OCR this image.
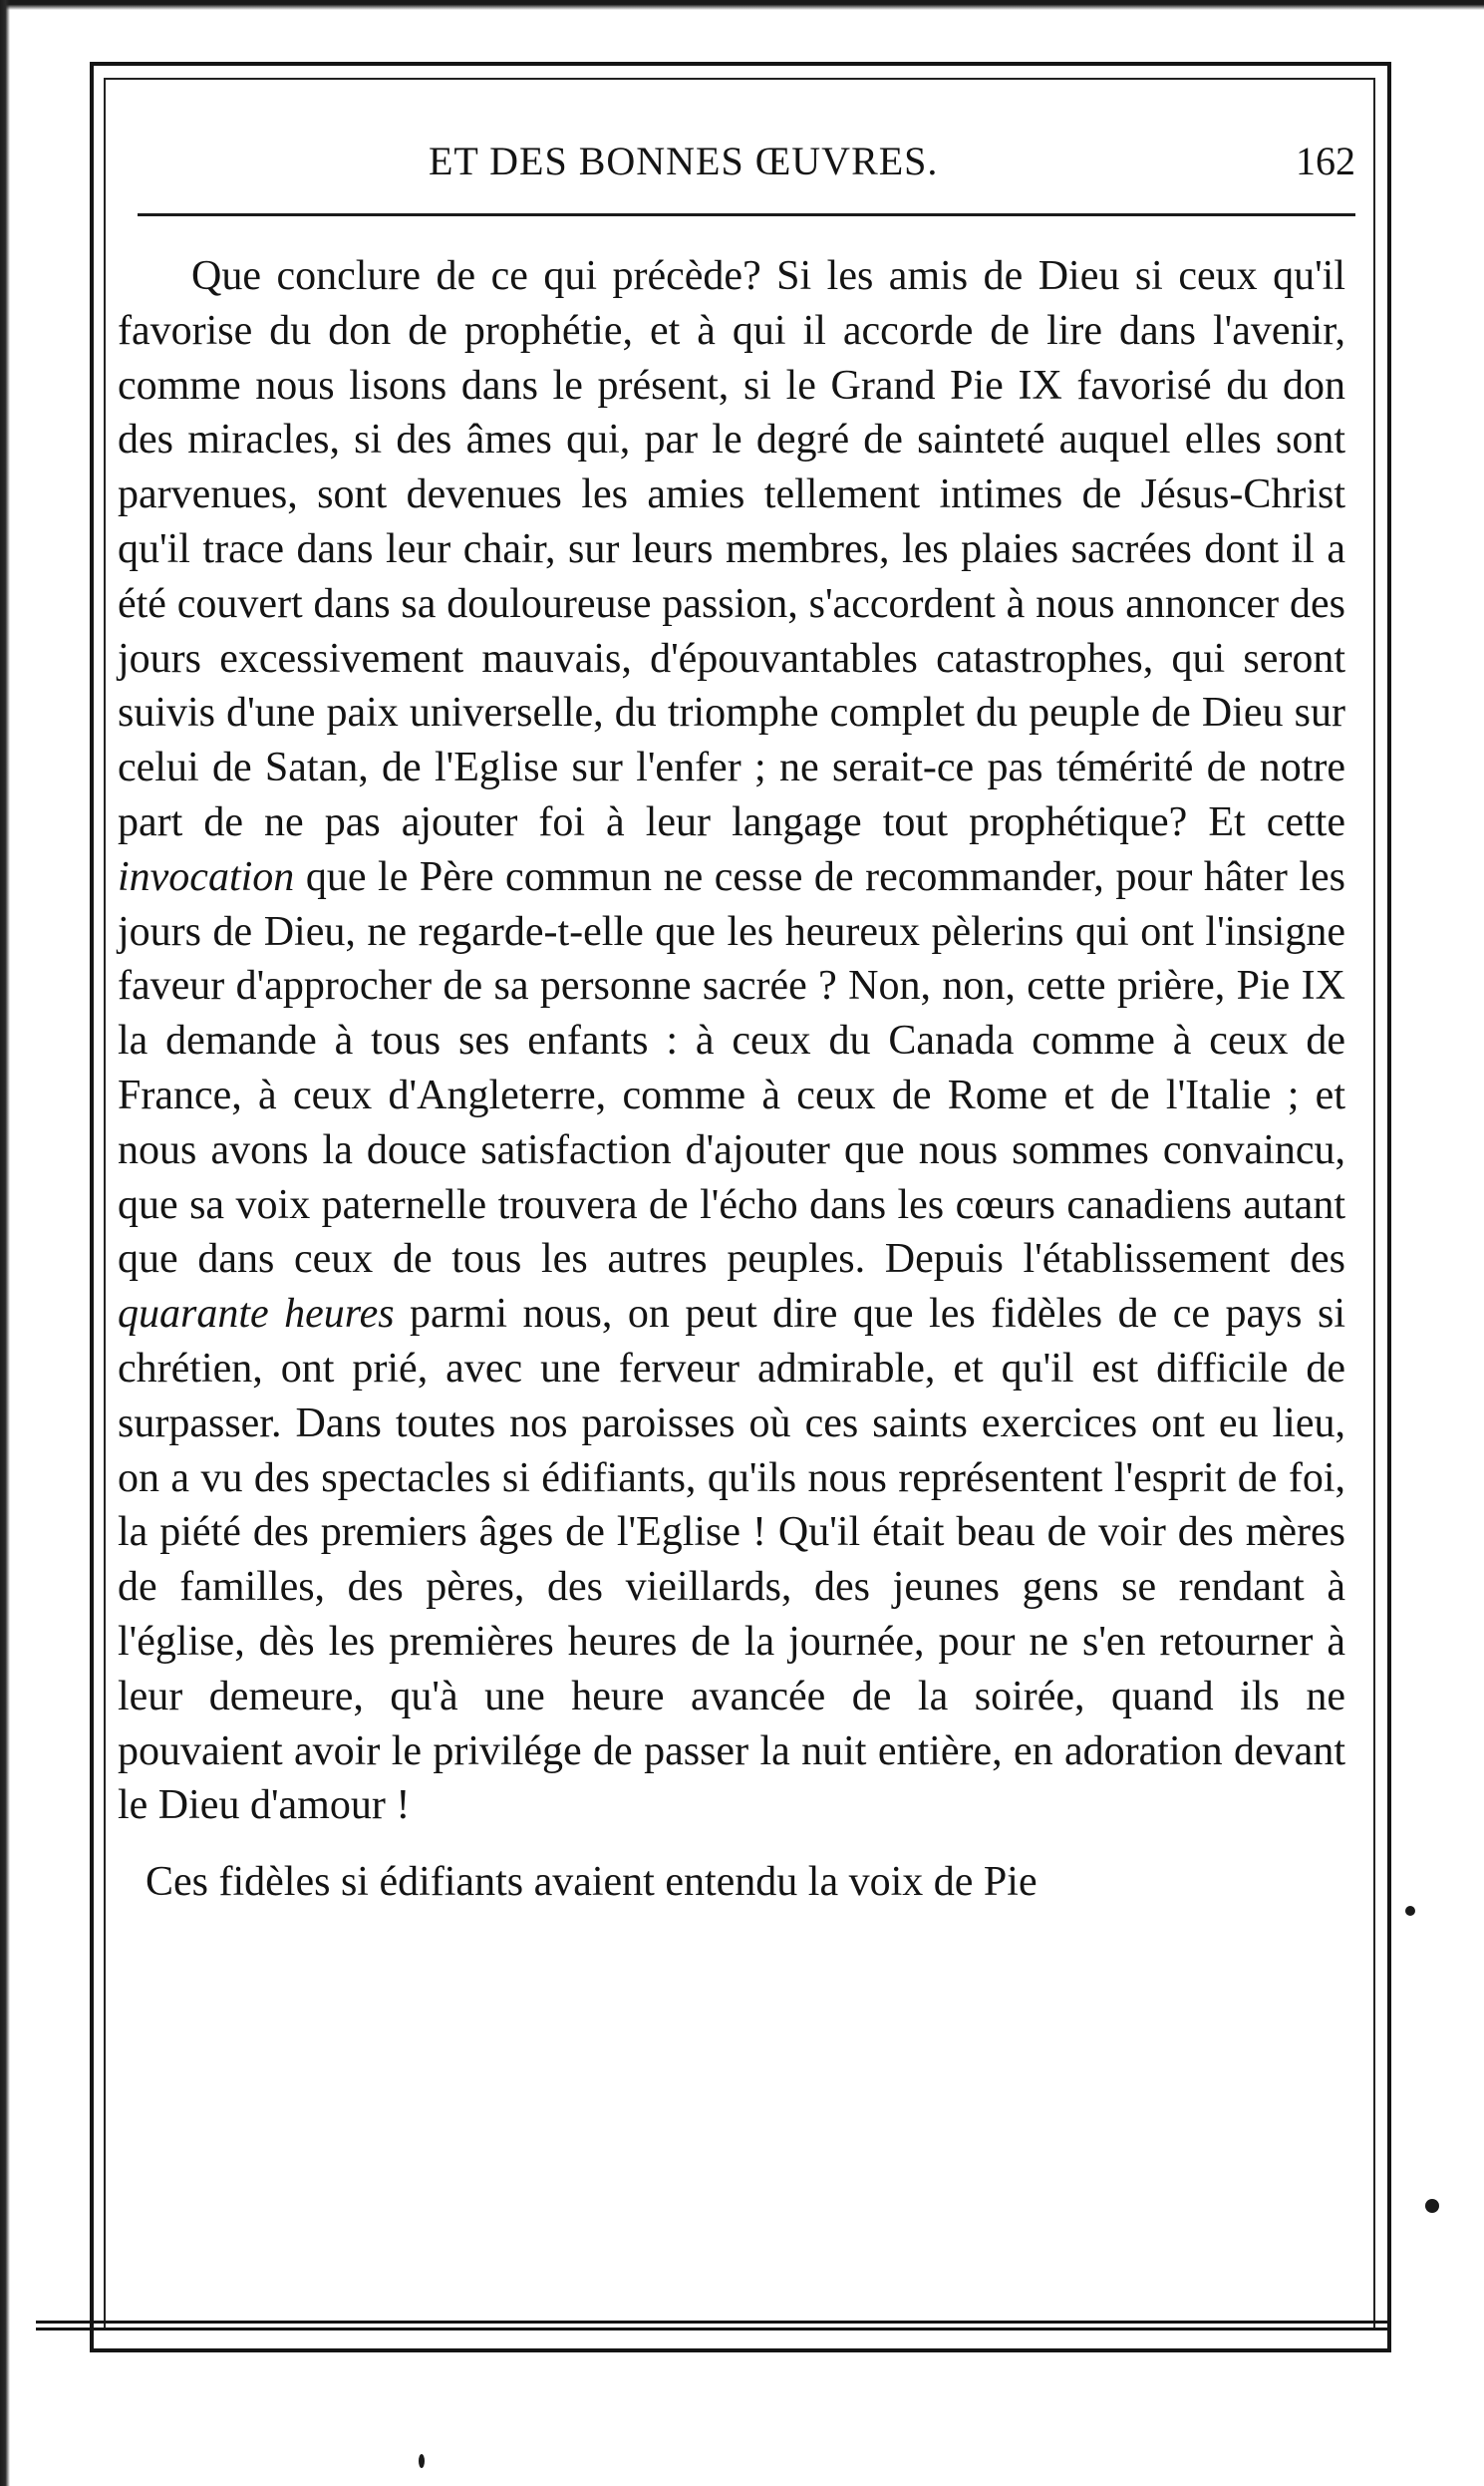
ET DES BONNES ŒUVRES.	162

Que conclure de ce qui précède? Si les amis de Dieu si ceux qu'il favorise du don de prophétie, et à qui il accorde de lire dans l'avenir, comme nous lisons dans le présent, si le Grand Pie IX favorisé du don des miracles, si des âmes qui, par le degré de sainteté auquel elles sont parvenues, sont devenues les amies tellement intimes de Jésus-Christ qu'il trace dans leur chair, sur leurs membres, les plaies sacrées dont il a été couvert dans sa douloureuse passion, s'accordent à nous annoncer des jours excessivement mauvais, d'épouvantables catastrophes, qui seront suivis d'une paix universelle, du triomphe complet du peuple de Dieu sur celui de Satan, de l'Eglise sur l'enfer ; ne serait-ce pas témérité de notre part de ne pas ajouter foi à leur langage tout prophétique? Et cette invocation que le Père commun ne cesse de recommander, pour hâter les jours de Dieu, ne regarde-t-elle que les heureux pèlerins qui ont l'insigne faveur d'approcher de sa personne sacrée ? Non, non, cette prière, Pie IX la demande à tous ses enfants : à ceux du Canada comme à ceux de France, à ceux d'Angleterre, comme à ceux de Rome et de l'Italie ; et nous avons la douce satisfaction d'ajouter que nous sommes convaincu, que sa voix paternelle trouvera de l'écho dans les cœurs canadiens autant que dans ceux de tous les autres peuples. Depuis l'établissement des quarante heures parmi nous, on peut dire que les fidèles de ce pays si chrétien, ont prié, avec une ferveur admirable, et qu'il est difficile de surpasser. Dans toutes nos paroisses où ces saints exercices ont eu lieu, on a vu des spectacles si édifiants, qu'ils nous représentent l'esprit de foi, la piété des premiers âges de l'Eglise ! Qu'il était beau de voir des mères de familles, des pères, des vieillards, des jeunes gens se rendant à l'église, dès les premières heures de la journée, pour ne s'en retourner à leur demeure, qu'à une heure avancée de la soirée, quand ils ne pouvaient avoir le privilége de passer la nuit entière, en adoration devant le Dieu d'amour !

Ces fidèles si édifiants avaient entendu la voix de Pie
